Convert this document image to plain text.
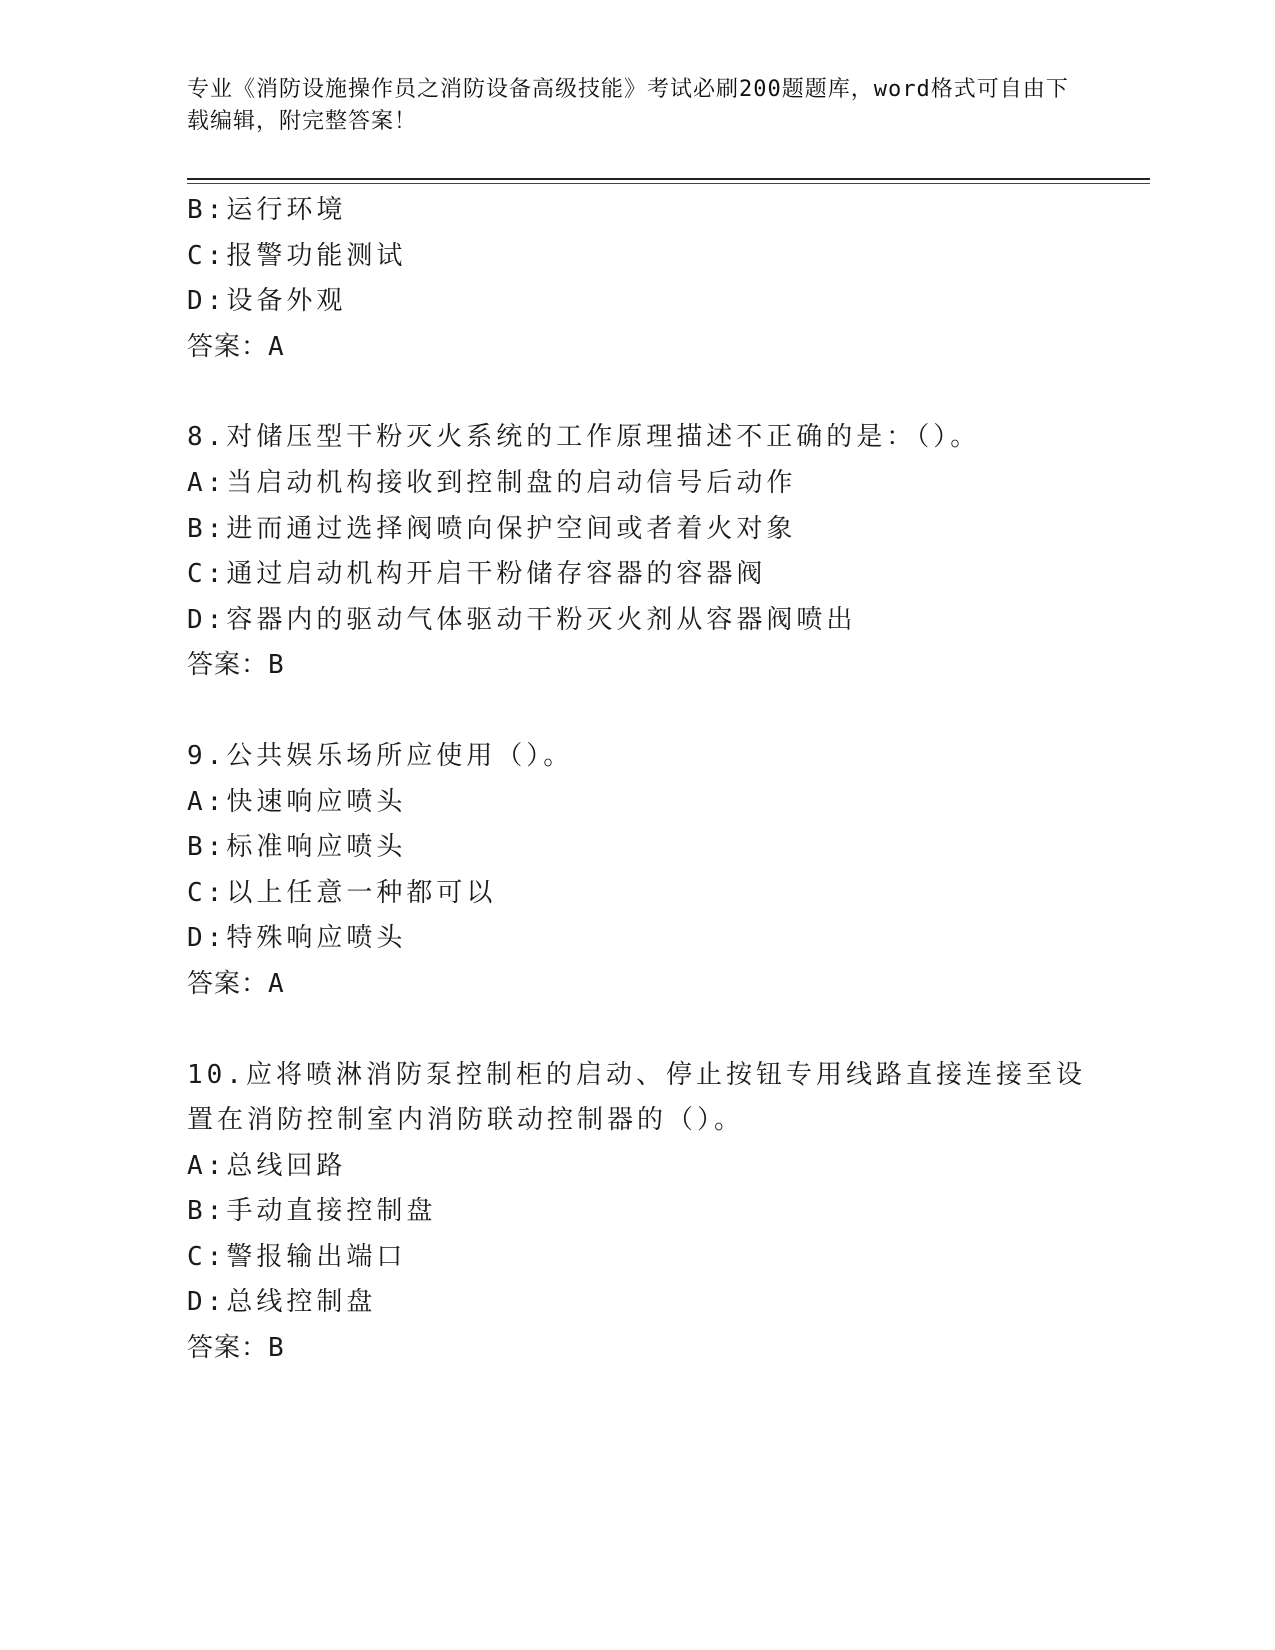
专业《消防设施操作员之消防设备高级技能》考试必刷200题题库，word格式可自由下载编辑，附完整答案！
B:运行环境
C:报警功能测试
D:设备外观
答案：A
8.对储压型干粉灭火系统的工作原理描述不正确的是：（）。
A:当启动机构接收到控制盘的启动信号后动作
B:进而通过选择阀喷向保护空间或者着火对象
C:通过启动机构开启干粉储存容器的容器阀
D:容器内的驱动气体驱动干粉灭火剂从容器阀喷出
答案：B
9.公共娱乐场所应使用（）。
A:快速响应喷头
B:标准响应喷头
C:以上任意一种都可以
D:特殊响应喷头
答案：A
10.应将喷淋消防泵控制柜的启动、停止按钮专用线路直接连接至设置在消防控制室内消防联动控制器的（）。
A:总线回路
B:手动直接控制盘
C:警报输出端口
D:总线控制盘
答案：B
